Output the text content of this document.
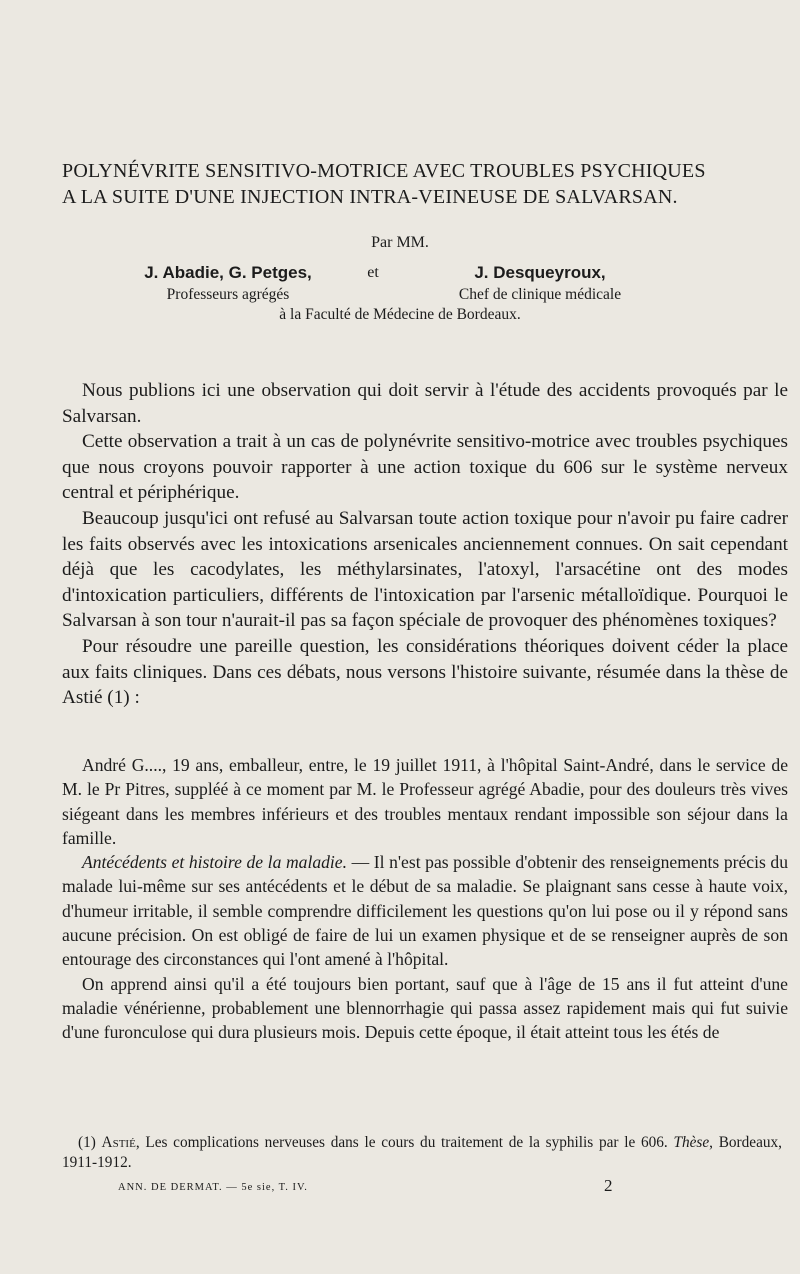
POLYNÉVRITE SENSITIVO-MOTRICE AVEC TROUBLES PSYCHIQUES A LA SUITE D'UNE INJECTION INTRA-VEINEUSE DE SALVARSAN.
Par MM.
J. Abadie, G. Petges,
Professeurs agrégés
et	J. Desqueyroux,
Chef de clinique médicale
à la Faculté de Médecine de Bordeaux.

Nous publions ici une observation qui doit servir à l'étude des accidents provoqués par le Salvarsan.

Cette observation a trait à un cas de polynévrite sensitivo-motrice avec troubles psychiques que nous croyons pouvoir rapporter à une action toxique du 606 sur le système nerveux central et périphérique.

Beaucoup jusqu'ici ont refusé au Salvarsan toute action toxique pour n'avoir pu faire cadrer les faits observés avec les intoxications arsenicales anciennement connues. On sait cependant déjà que les cacodylates, les méthylarsinates, l'atoxyl, l'arsacétine ont des modes d'intoxication particuliers, différents de l'intoxication par l'arsenic métalloïdique. Pourquoi le Salvarsan à son tour n'aurait-il pas sa façon spéciale de provoquer des phénomènes toxiques?

Pour résoudre une pareille question, les considérations théoriques doivent céder la place aux faits cliniques. Dans ces débats, nous versons l'histoire suivante, résumée dans la thèse de Astié (1) :

André G...., 19 ans, emballeur, entre, le 19 juillet 1911, à l'hôpital Saint-André, dans le service de M. le Pr Pitres, suppléé à ce moment par M. le Professeur agrégé Abadie, pour des douleurs très vives siégeant dans les membres inférieurs et des troubles mentaux rendant impossible son séjour dans la famille.

Antécédents et histoire de la maladie. — Il n'est pas possible d'obtenir des renseignements précis du malade lui-même sur ses antécédents et le début de sa maladie. Se plaignant sans cesse à haute voix, d'humeur irritable, il semble comprendre difficilement les questions qu'on lui pose ou il y répond sans aucune précision. On est obligé de faire de lui un examen physique et de se renseigner auprès de son entourage des circonstances qui l'ont amené à l'hôpital.

On apprend ainsi qu'il a été toujours bien portant, sauf que à l'âge de 15 ans il fut atteint d'une maladie vénérienne, probablement une blennorrhagie qui passa assez rapidement mais qui fut suivie d'une furonculose qui dura plusieurs mois. Depuis cette époque, il était atteint tous les étés de

(1) Astié, Les complications nerveuses dans le cours du traitement de la syphilis par le 606. Thèse, Bordeaux, 1911-1912.

ANN. DE DERMAT. — 5e sie, T. IV.	2
